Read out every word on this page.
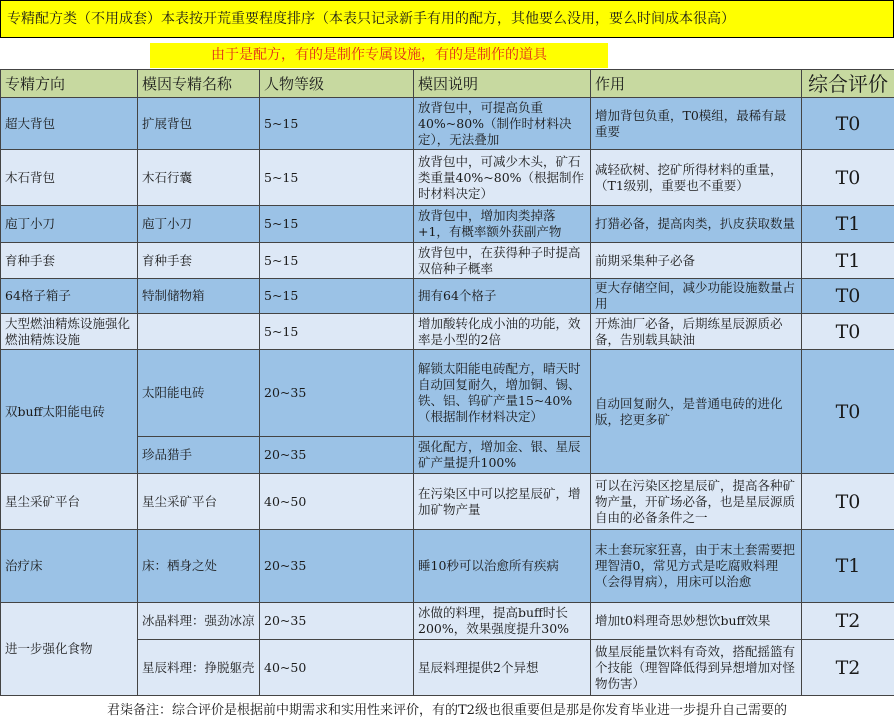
专精配方类（不用成套）本表按开荒重要程度排序（本表只记录新手有用的配方，其他要么没用，要么时间成本很高）
由于是配方，有的是制作专属设施，有的是制作的道具
专精方向	模因专精名称	人物等级	模因说明	作用	综合评价
超大背包	扩展背包	5~15	放背包中，可提高负重40%~80%（制作时材料决定），无法叠加	增加背包负重，T0模组，最稀有最重要	T0
木石背包	木石行囊	5~15	放背包中，可减少木头，矿石类重量40%~80%（根据制作时材料决定）	减轻砍树、挖矿所得材料的重量，（T1级别，重要也不重要）	T0
庖丁小刀	庖丁小刀	5~15	放背包中，增加肉类掉落+1，有概率额外获副产物	打猎必备，提高肉类，扒皮获取数量	T1
育种手套	育种手套	5~15	放背包中，在获得种子时提高双倍种子概率	前期采集种子必备	T1
64格子箱子	特制储物箱	5~15	拥有64个格子	更大存储空间，减少功能设施数量占用	T0
大型燃油精炼设施强化燃油精炼设施		5~15	增加酸转化成小油的功能，效率是小型的2倍	开炼油厂必备，后期练星辰源质必备，告别载具缺油	T0
双buff太阳能电砖	太阳能电砖	20~35	解锁太阳能电砖配方，晴天时自动回复耐久，增加铜、锡、铁、铝、钨矿产量15~40%（根据制作材料决定）	自动回复耐久，是普通电砖的进化版，挖更多矿	T0
	珍品猎手	20~35	强化配方，增加金、银、星辰矿产量提升100%		
星尘采矿平台	星尘采矿平台	40~50	在污染区中可以挖星辰矿，增加矿物产量	可以在污染区挖星辰矿，提高各种矿物产量，开矿场必备，也是星辰源质自由的必备条件之一	T0
治疗床	床：栖身之处	20~35	睡10秒可以治愈所有疾病	末土套玩家狂喜，由于末土套需要把理智清0，常见方式是吃腐败料理（会得胃病），用床可以治愈	T1
进一步强化食物	冰晶料理：强劲冰凉	20~35	冰做的料理，提高buff时长200%，效果强度提升30%	增加t0料理奇思妙想饮buff效果	T2
	星辰料理：挣脱躯壳	40~50	星辰料理提供2个异想	做星辰能量饮料有奇效，搭配摇篮有个技能（理智降低得到异想增加对怪物伤害）	T2
君柒备注：综合评价是根据前中期需求和实用性来评价，有的T2级也很重要但是那是你发育毕业进一步提升自己需要的
